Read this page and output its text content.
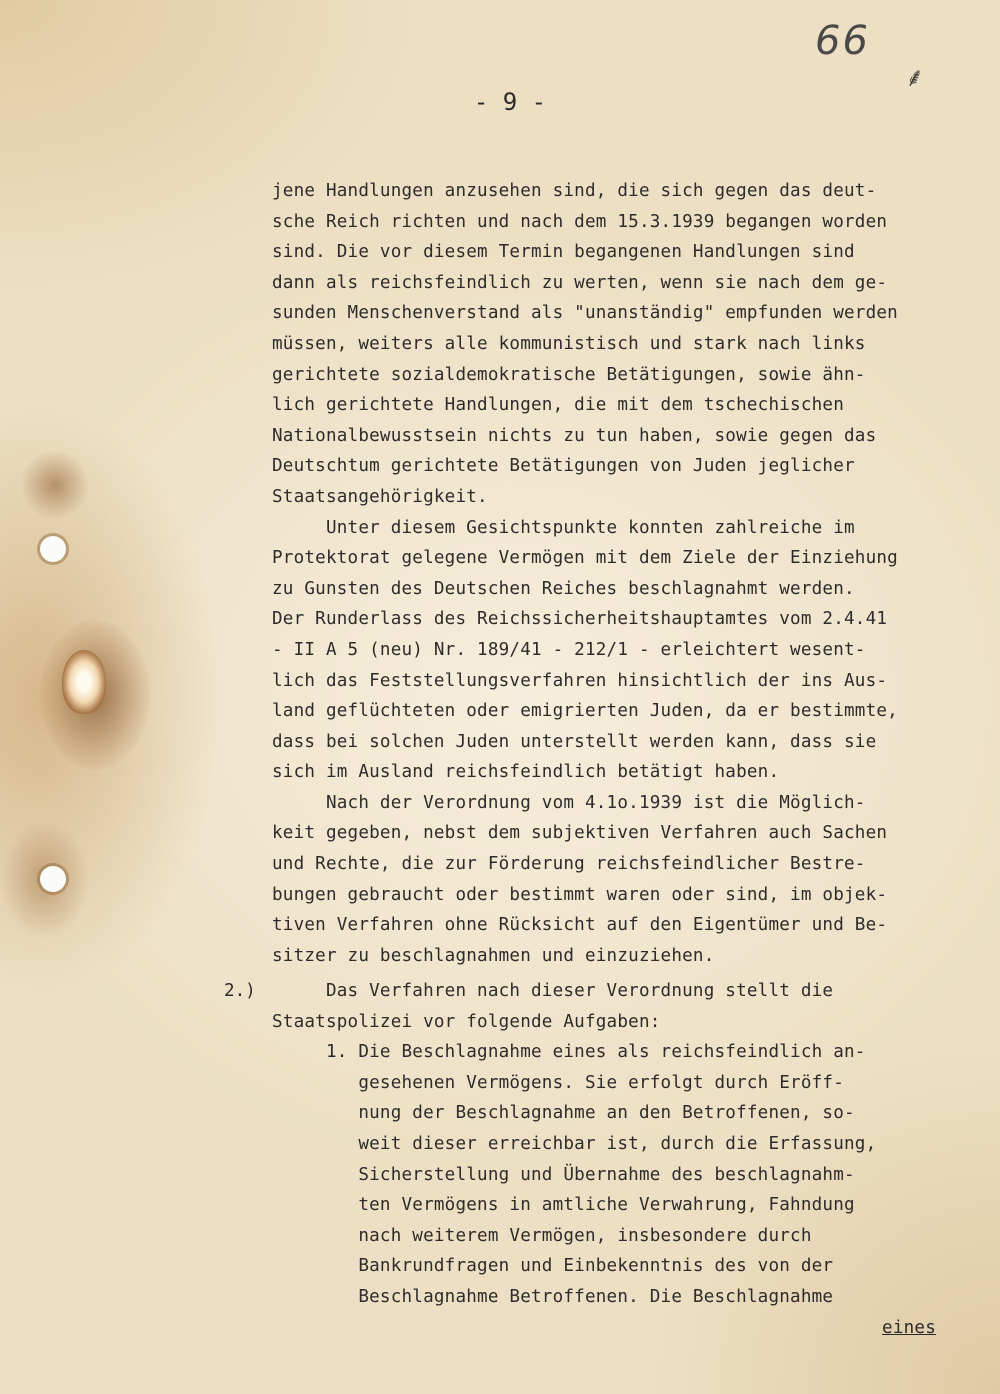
66
⸙
- 9 -
jene Handlungen anzusehen sind, die sich gegen das deut-
sche Reich richten und nach dem 15.3.1939 begangen worden
sind. Die vor diesem Termin begangenen Handlungen sind
dann als reichsfeindlich zu werten, wenn sie nach dem ge-
sunden Menschenverstand als "unanständig" empfunden werden
müssen, weiters alle kommunistisch und stark nach links
gerichtete sozialdemokratische Betätigungen, sowie ähn-
lich gerichtete Handlungen, die mit dem tschechischen
Nationalbewusstsein nichts zu tun haben, sowie gegen das
Deutschtum gerichtete Betätigungen von Juden jeglicher
Staatsangehörigkeit.
Unter diesem Gesichtspunkte konnten zahlreiche im
Protektorat gelegene Vermögen mit dem Ziele der Einziehung
zu Gunsten des Deutschen Reiches beschlagnahmt werden.
Der Runderlass des Reichssicherheitshauptamtes vom 2.4.41
- II A 5 (neu) Nr. 189/41 - 212/1 - erleichtert wesent-
lich das Feststellungsverfahren hinsichtlich der ins Aus-
land geflüchteten oder emigrierten Juden, da er bestimmte,
dass bei solchen Juden unterstellt werden kann, dass sie
sich im Ausland reichsfeindlich betätigt haben.
Nach der Verordnung vom 4.1o.1939 ist die Möglich-
keit gegeben, nebst dem subjektiven Verfahren auch Sachen
und Rechte, die zur Förderung reichsfeindlicher Bestre-
bungen gebraucht oder bestimmt waren oder sind, im objek-
tiven Verfahren ohne Rücksicht auf den Eigentümer und Be-
sitzer zu beschlagnahmen und einzuziehen.
2.) Das Verfahren nach dieser Verordnung stellt die
Staatspolizei vor folgende Aufgaben:
1. Die Beschlagnahme eines als reichsfeindlich an-
gesehenen Vermögens. Sie erfolgt durch Eröff-
nung der Beschlagnahme an den Betroffenen, so-
weit dieser erreichbar ist, durch die Erfassung,
Sicherstellung und Übernahme des beschlagnahm-
ten Vermögens in amtliche Verwahrung, Fahndung
nach weiterem Vermögen, insbesondere durch
Bankrundfragen und Einbekenntnis des von der
Beschlagnahme Betroffenen. Die Beschlagnahme
eines
